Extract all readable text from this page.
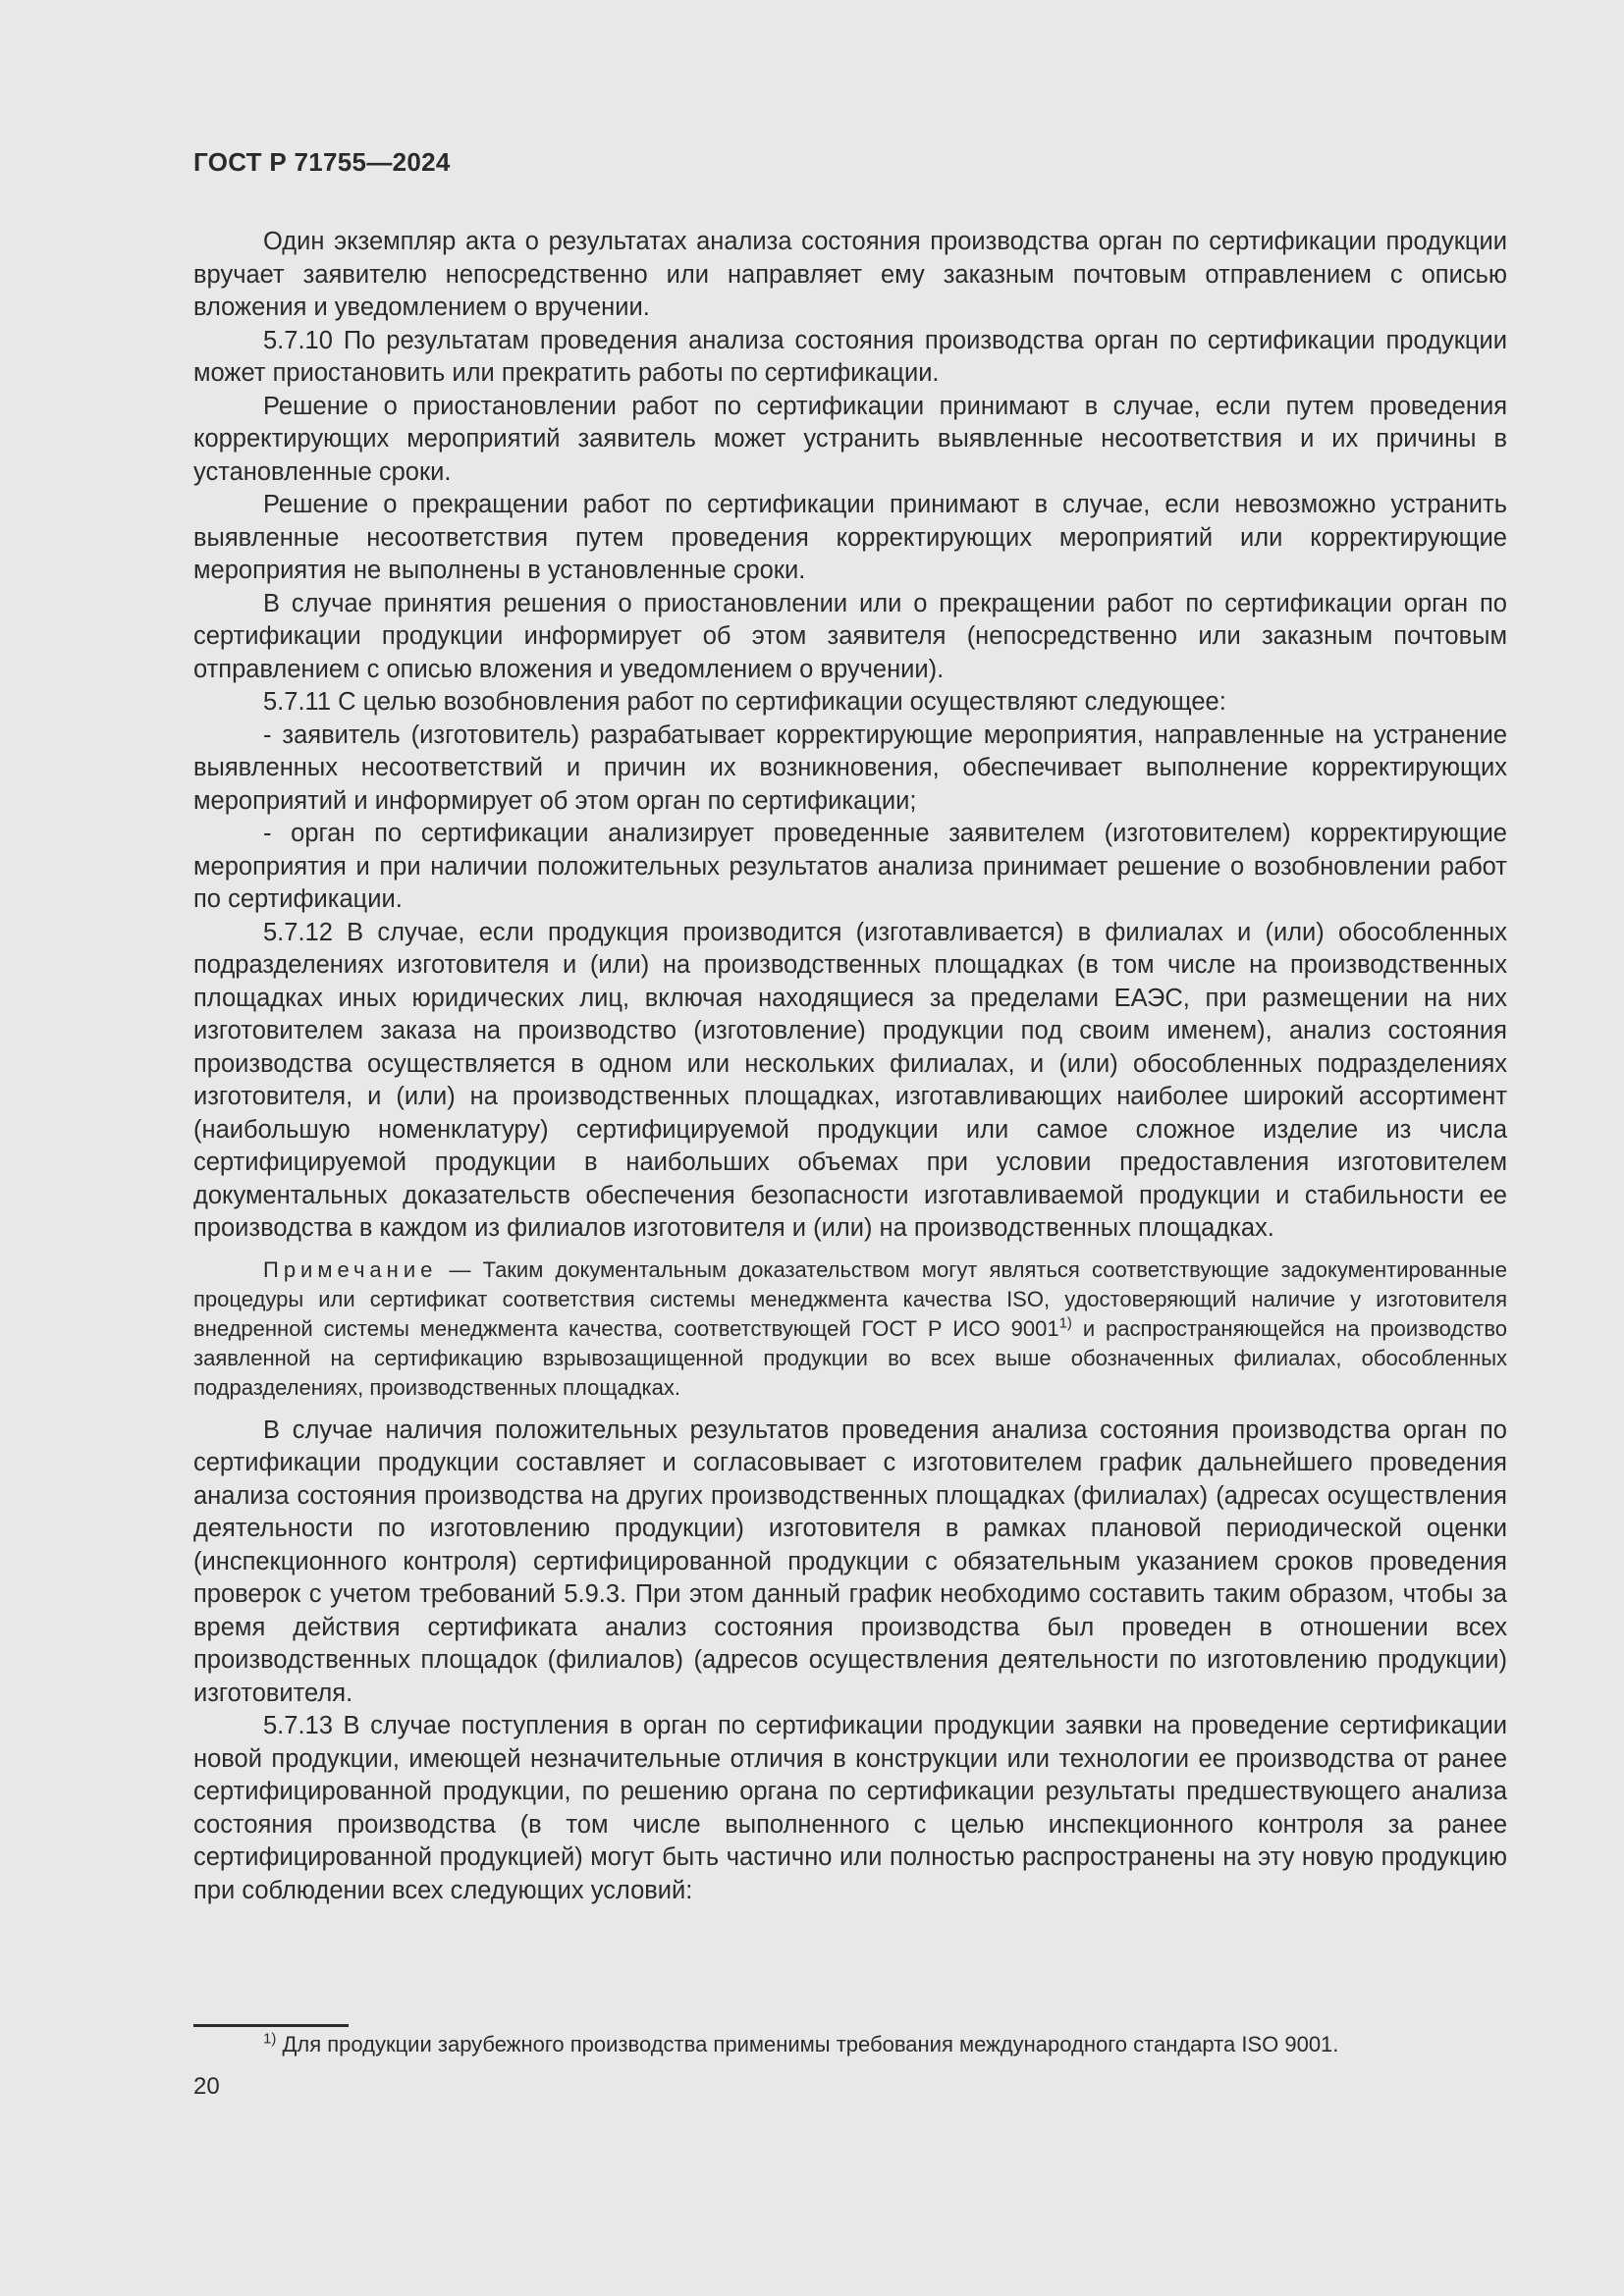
ГОСТ Р 71755—2024

Один экземпляр акта о результатах анализа состояния производства орган по сертификации продукции вручает заявителю непосредственно или направляет ему заказным почтовым отправлением с описью вложения и уведомлением о вручении.

5.7.10 По результатам проведения анализа состояния производства орган по сертификации продукции может приостановить или прекратить работы по сертификации.

Решение о приостановлении работ по сертификации принимают в случае, если путем проведения корректирующих мероприятий заявитель может устранить выявленные несоответствия и их причины в установленные сроки.

Решение о прекращении работ по сертификации принимают в случае, если невозможно устранить выявленные несоответствия путем проведения корректирующих мероприятий или корректирующие мероприятия не выполнены в установленные сроки.

В случае принятия решения о приостановлении или о прекращении работ по сертификации орган по сертификации продукции информирует об этом заявителя (непосредственно или заказным почтовым отправлением с описью вложения и уведомлением о вручении).

5.7.11 С целью возобновления работ по сертификации осуществляют следующее:

- заявитель (изготовитель) разрабатывает корректирующие мероприятия, направленные на устранение выявленных несоответствий и причин их возникновения, обеспечивает выполнение корректирующих мероприятий и информирует об этом орган по сертификации;

- орган по сертификации анализирует проведенные заявителем (изготовителем) корректирующие мероприятия и при наличии положительных результатов анализа принимает решение о возобновлении работ по сертификации.

5.7.12 В случае, если продукция производится (изготавливается) в филиалах и (или) обособленных подразделениях изготовителя и (или) на производственных площадках (в том числе на производственных площадках иных юридических лиц, включая находящиеся за пределами ЕАЭС, при размещении на них изготовителем заказа на производство (изготовление) продукции под своим именем), анализ состояния производства осуществляется в одном или нескольких филиалах, и (или) обособленных подразделениях изготовителя, и (или) на производственных площадках, изготавливающих наиболее широкий ассортимент (наибольшую номенклатуру) сертифицируемой продукции или самое сложное изделие из числа сертифицируемой продукции в наибольших объемах при условии предоставления изготовителем документальных доказательств обеспечения безопасности изготавливаемой продукции и стабильности ее производства в каждом из филиалов изготовителя и (или) на производственных площадках.

Примечание — Таким документальным доказательством могут являться соответствующие задокументированные процедуры или сертификат соответствия системы менеджмента качества ISO, удостоверяющий наличие у изготовителя внедренной системы менеджмента качества, соответствующей ГОСТ Р ИСО 9001$^{1)}$ и распространяющейся на производство заявленной на сертификацию взрывозащищенной продукции во всех выше обозначенных филиалах, обособленных подразделениях, производственных площадках.

В случае наличия положительных результатов проведения анализа состояния производства орган по сертификации продукции составляет и согласовывает с изготовителем график дальнейшего проведения анализа состояния производства на других производственных площадках (филиалах) (адресах осуществления деятельности по изготовлению продукции) изготовителя в рамках плановой периодической оценки (инспекционного контроля) сертифицированной продукции с обязательным указанием сроков проведения проверок с учетом требований 5.9.3. При этом данный график необходимо составить таким образом, чтобы за время действия сертификата анализ состояния производства был проведен в отношении всех производственных площадок (филиалов) (адресов осуществления деятельности по изготовлению продукции) изготовителя.

5.7.13 В случае поступления в орган по сертификации продукции заявки на проведение сертификации новой продукции, имеющей незначительные отличия в конструкции или технологии ее производства от ранее сертифицированной продукции, по решению органа по сертификации результаты предшествующего анализа состояния производства (в том числе выполненного с целью инспекционного контроля за ранее сертифицированной продукцией) могут быть частично или полностью распространены на эту новую продукцию при соблюдении всех следующих условий:

$^{1)}$ Для продукции зарубежного производства применимы требования международного стандарта ISO 9001.
20
